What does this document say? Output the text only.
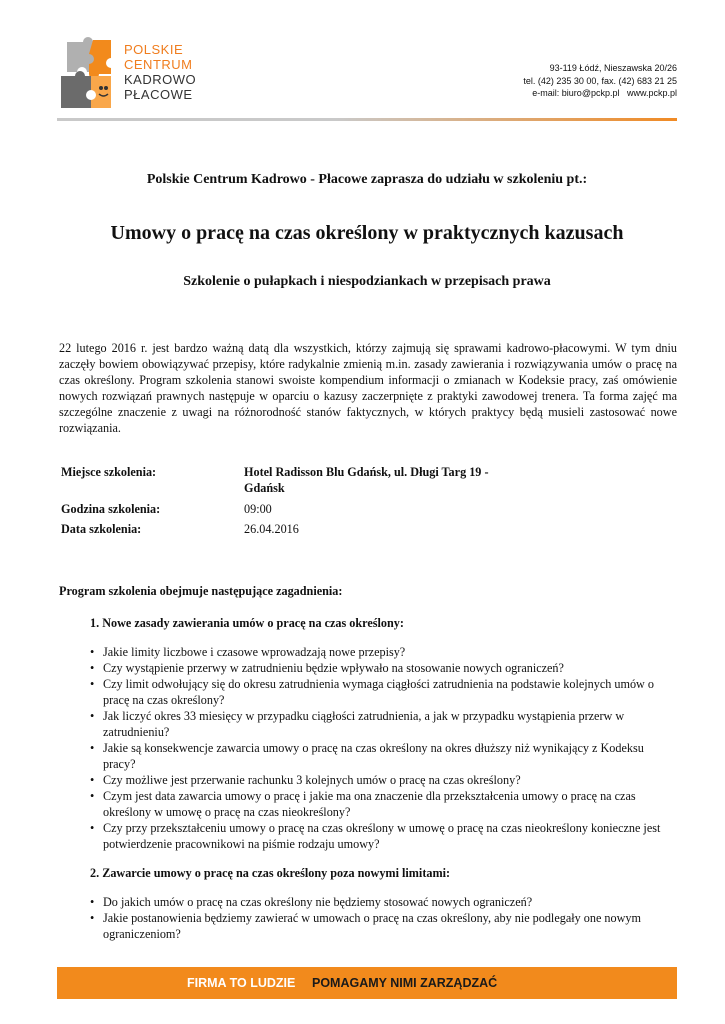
POLSKIE
CENTRUM
KADROWO
PŁACOWE
93-119 Łódź, Nieszawska 20/26
tel. (42) 235 30 00, fax. (42) 683 21 25
e-mail: biuro@pckp.pl   www.pckp.pl
Polskie Centrum Kadrowo - Płacowe zaprasza do udziału w szkoleniu pt.:
Umowy o pracę na czas określony w praktycznych kazusach
Szkolenie o pułapkach i niespodziankach w przepisach prawa
22 lutego 2016 r. jest bardzo ważną datą dla wszystkich, którzy zajmują się sprawami kadrowo-płacowymi. W tym dniu zaczęły bowiem obowiązywać przepisy, które radykalnie zmienią m.in. zasady zawierania i rozwiązywania umów o pracę na czas określony. Program szkolenia stanowi swoiste kompendium informacji o zmianach w Kodeksie pracy, zaś omówienie nowych rozwiązań prawnych następuje w oparciu o kazusy zaczerpnięte z praktyki zawodowej trenera. Ta forma zajęć ma szczególne znaczenie z uwagi na różnorodność stanów faktycznych, w których praktycy będą musieli zastosować nowe rozwiązania.
Miejsce szkolenia:	Hotel Radisson Blu Gdańsk, ul. Długi Targ 19 - Gdańsk
Godzina szkolenia:	09:00
Data szkolenia:	26.04.2016
Program szkolenia obejmuje następujące zagadnienia:
1. Nowe zasady zawierania umów o pracę na czas określony:
• Jakie limity liczbowe i czasowe wprowadzają nowe przepisy?
• Czy wystąpienie przerwy w zatrudnieniu będzie wpływało na stosowanie nowych ograniczeń?
• Czy limit odwołujący się do okresu zatrudnienia wymaga ciągłości zatrudnienia na podstawie kolejnych umów o pracę na czas określony?
• Jak liczyć okres 33 miesięcy w przypadku ciągłości zatrudnienia, a jak w przypadku wystąpienia przerw w zatrudnieniu?
• Jakie są konsekwencje zawarcia umowy o pracę na czas określony na okres dłuższy niż wynikający z Kodeksu pracy?
• Czy możliwe jest przerwanie rachunku 3 kolejnych umów o pracę na czas określony?
• Czym jest data zawarcia umowy o pracę i jakie ma ona znaczenie dla przekształcenia umowy o pracę na czas określony w umowę o pracę na czas nieokreślony?
• Czy przy przekształceniu umowy o pracę na czas określony w umowę o pracę na czas nieokreślony konieczne jest potwierdzenie pracownikowi na piśmie rodzaju umowy?
2. Zawarcie umowy o pracę na czas określony poza nowymi limitami:
• Do jakich umów o pracę na czas określony nie będziemy stosować nowych ograniczeń?
• Jakie postanowienia będziemy zawierać w umowach o pracę na czas określony, aby nie podlegały one nowym ograniczeniom?
FIRMA TO LUDZIE POMAGAMY NIMI ZARZĄDZAĆ
